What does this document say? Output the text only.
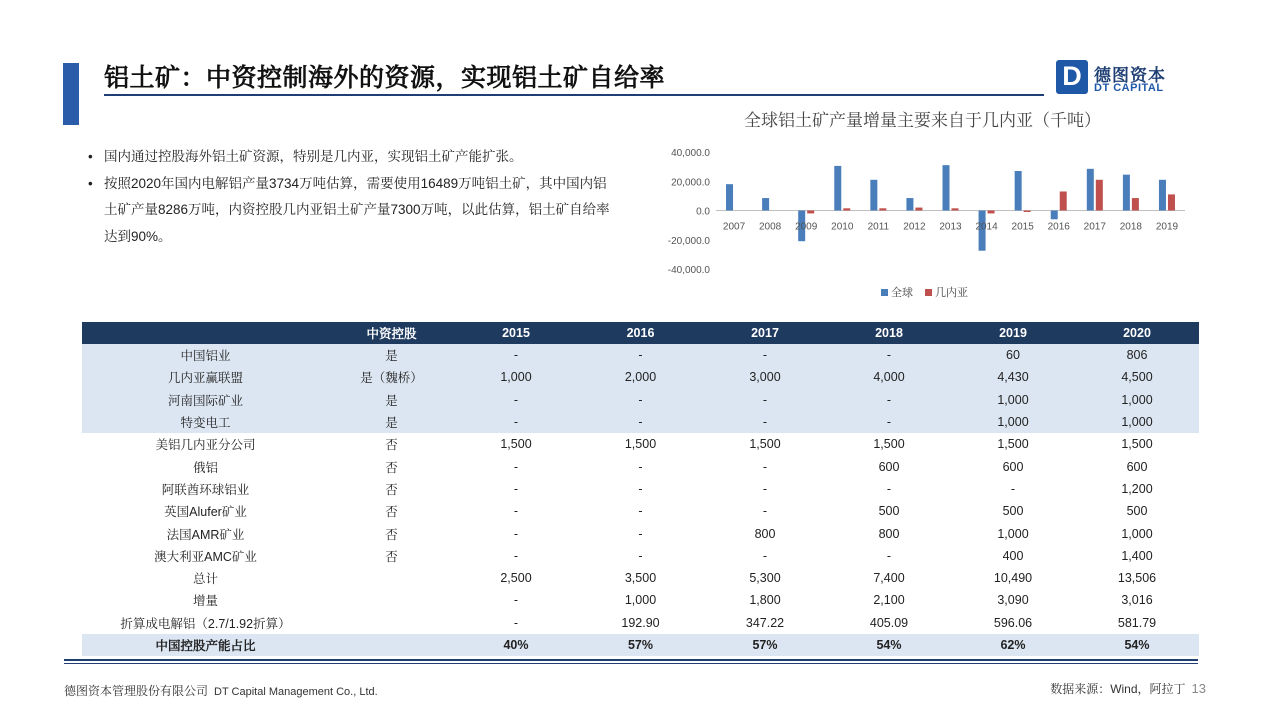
铝土矿：中资控制海外的资源，实现铝土矿自给率	D 德图资本
DT CAPITAL
• 国内通过控股海外铝土矿资源，特别是几内亚，实现铝土矿产能扩张。
• 按照2020年国内电解铝产量3734万吨估算，需要使用16489万吨铝土矿，其中国内铝土矿产量8286万吨，内资控股几内亚铝土矿产量7300万吨，以此估算，铝土矿自给率达到90%。
全球铝土矿产量增量主要来自于几内亚（千吨）
40,000.0
20,000.0
0.0
-20,000.0
-40,000.0
2007 2008 2009 2010 2011 2012 2013 2014 2015 2016 2017 2018 2019
全球 几内亚
	中资控股	2015	2016	2017	2018	2019	2020
中国铝业	是	-	-	-	-	60	806
几内亚赢联盟	是（魏桥）	1,000	2,000	3,000	4,000	4,430	4,500
河南国际矿业	是	-	-	-	-	1,000	1,000
特变电工	是	-	-	-	-	1,000	1,000
美铝几内亚分公司	否	1,500	1,500	1,500	1,500	1,500	1,500
俄铝	否	-	-	-	600	600	600
阿联酋环球铝业	否	-	-	-	-	-	1,200
英国Alufer矿业	否	-	-	-	500	500	500
法国AMR矿业	否	-	-	800	800	1,000	1,000
澳大利亚AMC矿业	否	-	-	-	-	400	1,400
总计		2,500	3,500	5,300	7,400	10,490	13,506
增量		-	1,000	1,800	2,100	3,090	3,016
折算成电解铝（2.7/1.92折算）		-	192.90	347.22	405.09	596.06	581.79
中国控股产能占比		40%	57%	57%	54%	62%	54%
德图资本管理股份有限公司 DT Capital Management Co., Ltd.	数据来源：Wind，阿拉丁 13
